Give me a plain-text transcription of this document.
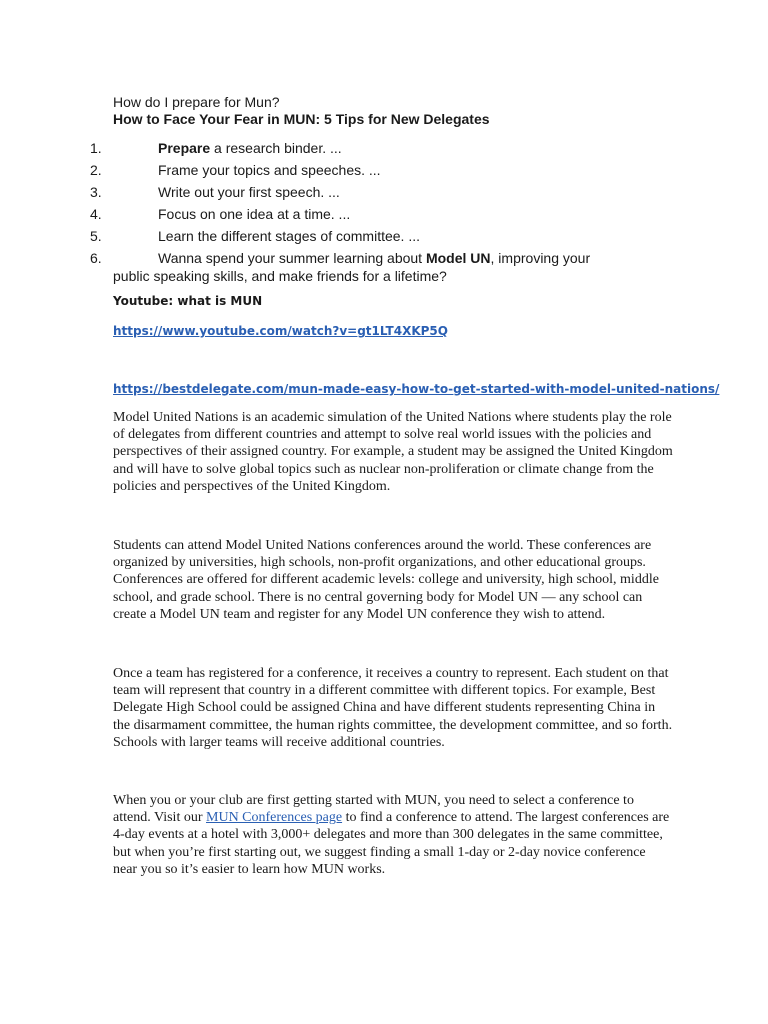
How do I prepare for Mun?
How to Face Your Fear in MUN: 5 Tips for New Delegates
1.	Prepare a research binder. ...
2.	Frame your topics and speeches. ...
3.	Write out your first speech. ...
4.	Focus on one idea at a time. ...
5.	Learn the different stages of committee. ...
6.	Wanna spend your summer learning about Model UN, improving your
public speaking skills, and make friends for a lifetime?
Youtube: what is MUN
https://www.youtube.com/watch?v=gt1LT4XKP5Q
https://bestdelegate.com/mun-made-easy-how-to-get-started-with-model-united-nations/

Model United Nations is an academic simulation of the United Nations where students play the role of delegates from different countries and attempt to solve real world issues with the policies and perspectives of their assigned country. For example, a student may be assigned the United Kingdom and will have to solve global topics such as nuclear non-proliferation or climate change from the policies and perspectives of the United Kingdom.

Students can attend Model United Nations conferences around the world. These conferences are organized by universities, high schools, non-profit organizations, and other educational groups. Conferences are offered for different academic levels: college and university, high school, middle school, and grade school. There is no central governing body for Model UN — any school can create a Model UN team and register for any Model UN conference they wish to attend.

Once a team has registered for a conference, it receives a country to represent. Each student on that team will represent that country in a different committee with different topics. For example, Best Delegate High School could be assigned China and have different students representing China in the disarmament committee, the human rights committee, the development committee, and so forth. Schools with larger teams will receive additional countries.

When you or your club are first getting started with MUN, you need to select a conference to attend. Visit our MUN Conferences page to find a conference to attend. The largest conferences are 4-day events at a hotel with 3,000+ delegates and more than 300 delegates in the same committee, but when you’re first starting out, we suggest finding a small 1-day or 2-day novice conference near you so it’s easier to learn how MUN works.
